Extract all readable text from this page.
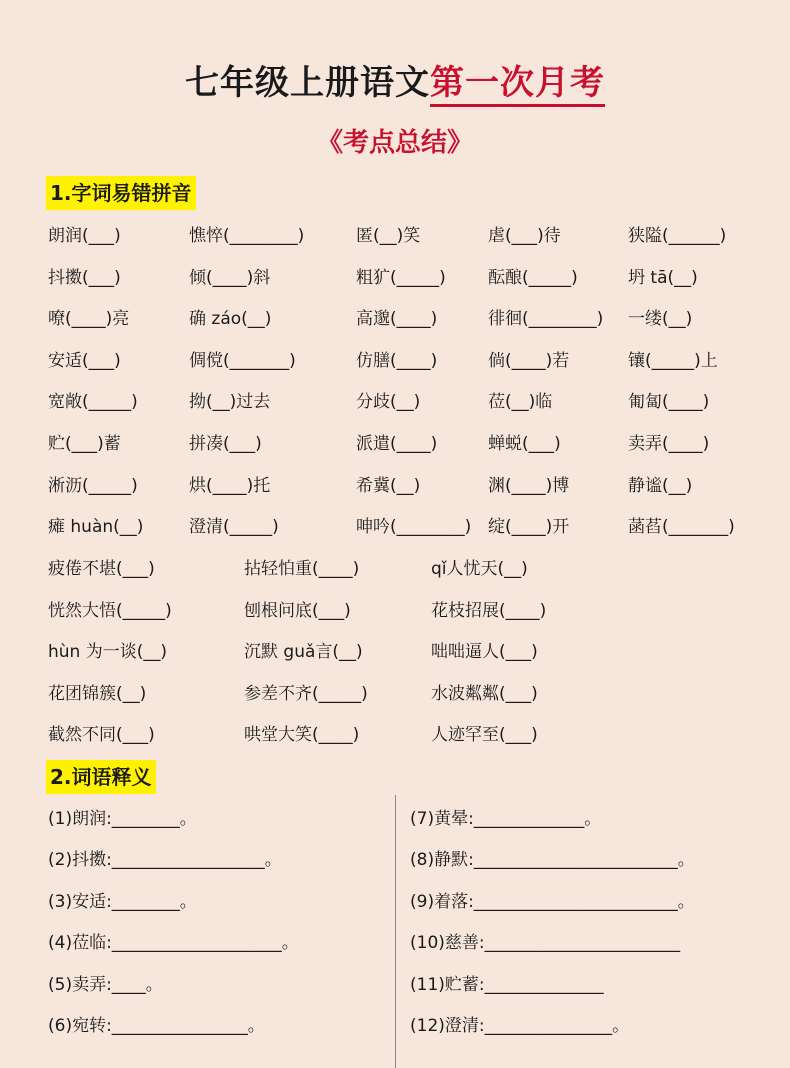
七年级上册语文第一次月考
《考点总结》
1.字词易错拼音
朗润(___)	憔悴(________)	匿(__)笑	虐(___)待	狭隘(______)
抖擞(___)	倾(____)斜	粗犷(_____) 酝酿(_____)	坍 tā(__)
嘹(____)亮	确 záo(__)	高邈(____)	徘徊(________) 一缕(__)
安适(___)	倜傥(_______)	仿膳(____)	倘(____)若	镶(_____)上
宽敞(_____)	拗(__)过去	分歧(__)	莅(__)临	匍匐(____)
贮(___)蓄	拼凑(___)	派遣(____)	蝉蜕(___)	卖弄(____)
淅沥(_____)	烘(____)托	希冀(__)	渊(____)博	静谧(__)
瘫 huàn(__)	澄清(_____)	呻吟(________) 绽(____)开	菡萏(_______)
疲倦不堪(___)	拈轻怕重(____)	qǐ人忧天(__)
恍然大悟(_____)	刨根问底(___)	花枝招展(____)
hùn 为一谈(__)	沉默 guǎ言(__)	咄咄逼人(___)
花团锦簇(__)	参差不齐(_____)	水波粼粼(___)
截然不同(___)	哄堂大笑(____)	人迹罕至(___)
2.词语释义
(1)朗润:________。
(2)抖擞:__________________。
(3)安适:________。
(4)莅临:____________________。
(5)卖弄:____。
(6)宛转:________________。
(7)黄晕:_____________。
(8)静默:________________________。
(9)着落:________________________。
(10)慈善:_______________________
(11)贮蓄:______________
(12)澄清:_______________。
